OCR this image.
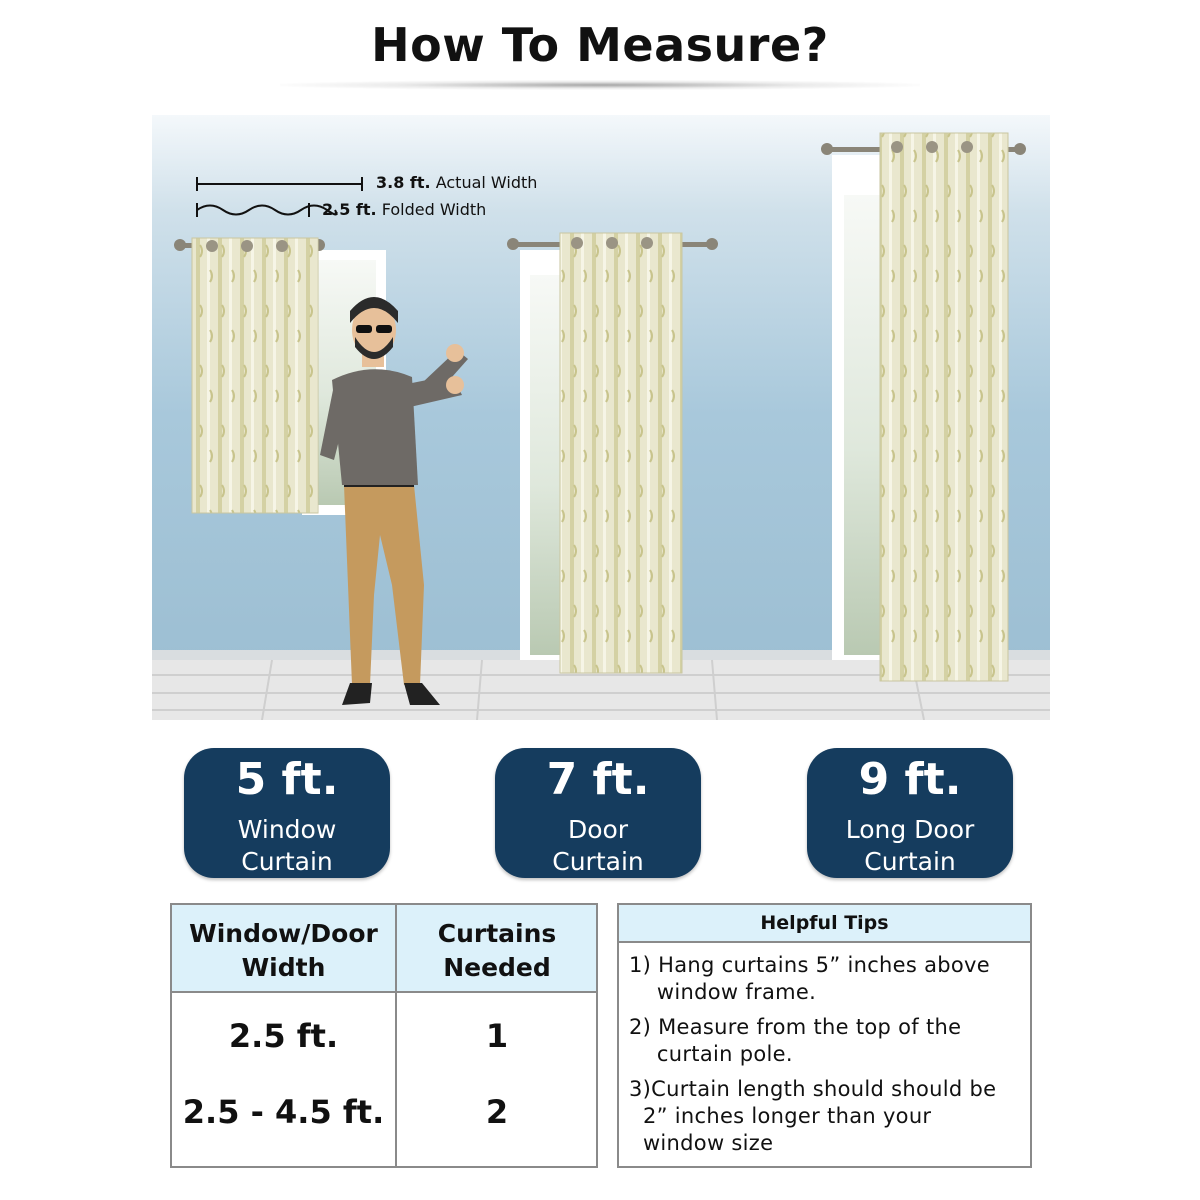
How To Measure?
3.8 ft. Actual Width
2.5 ft. Folded Width
5 ft.
Window
Curtain
7 ft.
Door
Curtain
9 ft.
Long Door
Curtain
Window/Door
Width
Curtains
Needed
2.5 ft.	1
2.5 - 4.5 ft.	2
Helpful Tips
1) Hang curtains 5” inches above
window frame.
2) Measure from the top of the
curtain pole.
3)Curtain length should should be
2” inches longer than your
window size
